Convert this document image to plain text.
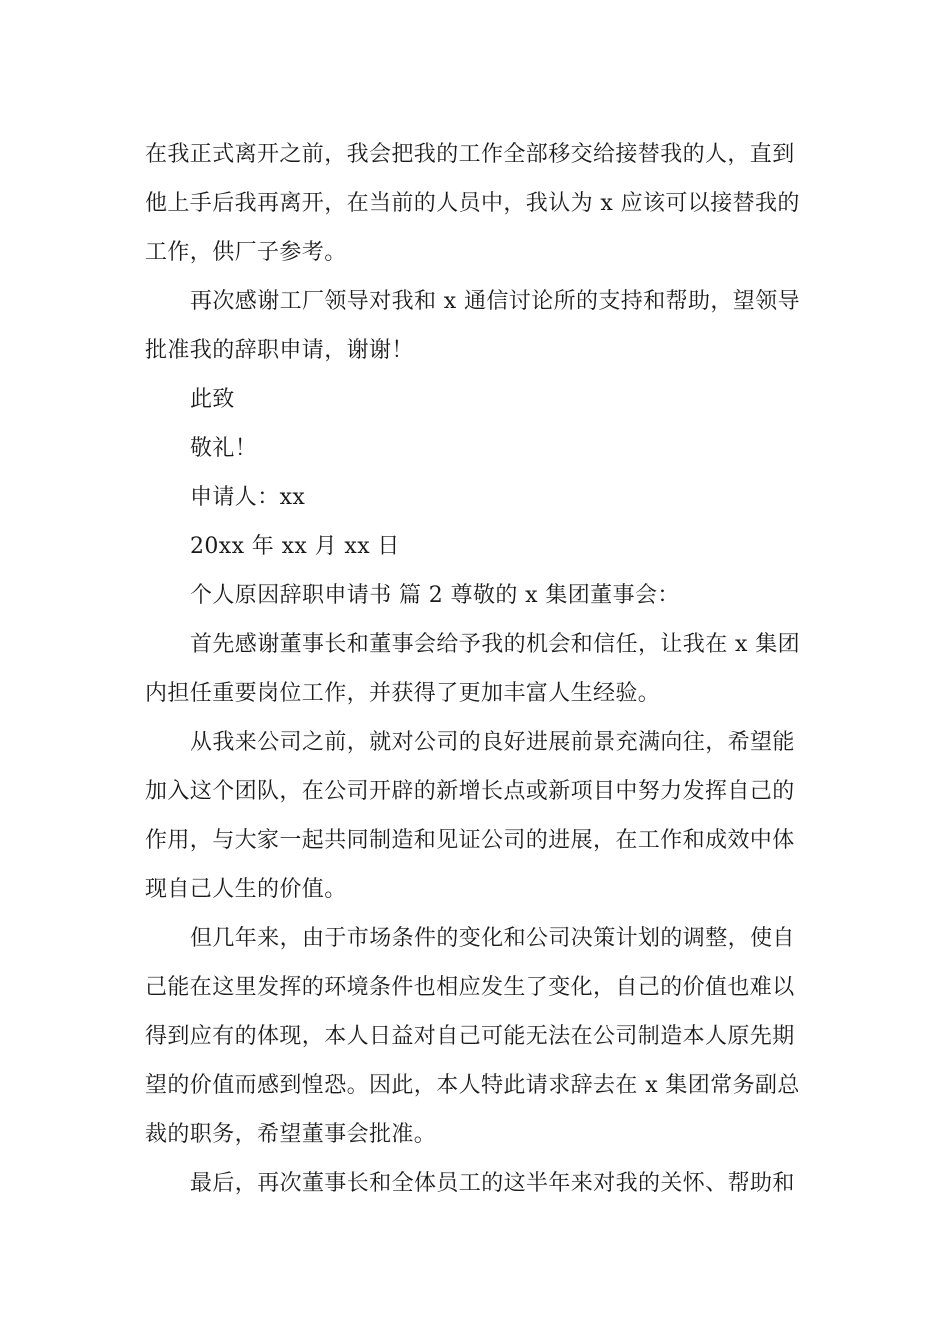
在我正式离开之前，我会把我的工作全部移交给接替我的人，直到
他上手后我再离开，在当前的人员中，我认为 x 应该可以接替我的
工作，供厂子参考。
再次感谢工厂领导对我和 x 通信讨论所的支持和帮助，望领导
批准我的辞职申请，谢谢！
此致
敬礼！
申请人：xx
20xx 年 xx 月 xx 日
个人原因辞职申请书 篇 2 尊敬的 x 集团董事会：
首先感谢董事长和董事会给予我的机会和信任，让我在 x 集团
内担任重要岗位工作，并获得了更加丰富人生经验。
从我来公司之前，就对公司的良好进展前景充满向往，希望能
加入这个团队，在公司开辟的新增长点或新项目中努力发挥自己的
作用，与大家一起共同制造和见证公司的进展，在工作和成效中体
现自己人生的价值。
但几年来，由于市场条件的变化和公司决策计划的调整，使自
己能在这里发挥的环境条件也相应发生了变化，自己的价值也难以
得到应有的体现，本人日益对自己可能无法在公司制造本人原先期
望的价值而感到惶恐。因此，本人特此请求辞去在 x 集团常务副总
裁的职务，希望董事会批准。
最后，再次董事长和全体员工的这半年来对我的关怀、帮助和
